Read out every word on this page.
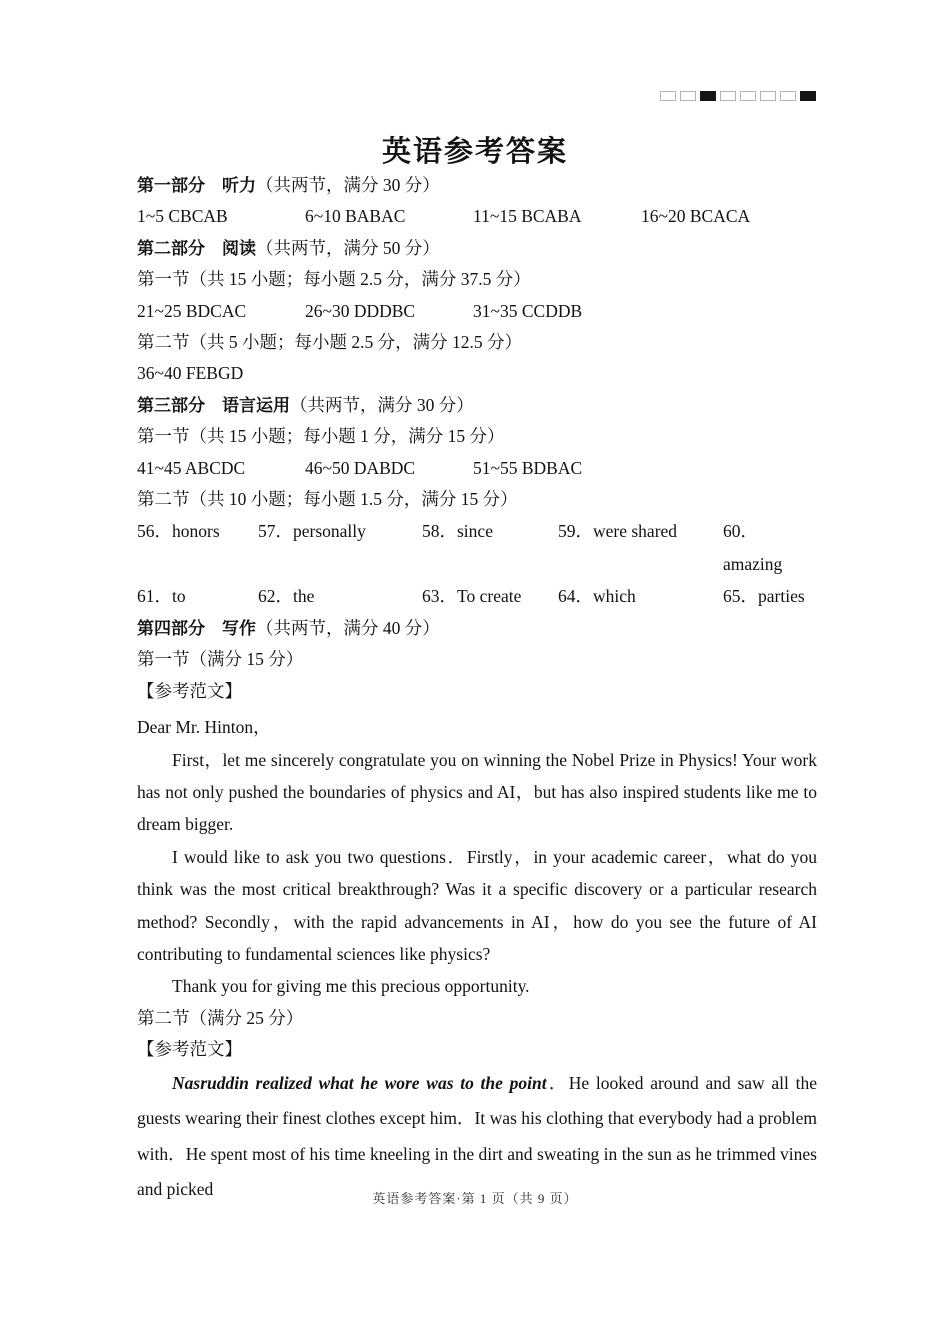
英语参考答案
第一部分　听力（共两节，满分 30 分）
1~5 CBCAB	6~10 BABAC	11~15 BCABA	16~20 BCACA
第二部分　阅读（共两节，满分 50 分）
第一节（共 15 小题；每小题 2.5 分，满分 37.5 分）
21~25 BDCAC	26~30 DDDBC	31~35 CCDDB
第二节（共 5 小题；每小题 2.5 分，满分 12.5 分）
36~40 FEBGD
第三部分　语言运用（共两节，满分 30 分）
第一节（共 15 小题；每小题 1 分，满分 15 分）
41~45 ABCDC	46~50 DABDC	51~55 BDBAC
第二节（共 10 小题；每小题 1.5 分，满分 15 分）
56．honors	57．personally	58．since	59．were shared	60．amazing
61．to	62．the	63．To create	64．which	65．parties
第四部分　写作（共两节，满分 40 分）
第一节（满分 15 分）
【参考范文】

Dear Mr. Hinton，

First，let me sincerely congratulate you on winning the Nobel Prize in Physics! Your work has not only pushed the boundaries of physics and AI，but has also inspired students like me to dream bigger.

I would like to ask you two questions．Firstly，in your academic career，what do you think was the most critical breakthrough? Was it a specific discovery or a particular research method? Secondly，with the rapid advancements in AI，how do you see the future of AI contributing to fundamental sciences like physics?

Thank you for giving me this precious opportunity.

第二节（满分 25 分）
【参考范文】

Nasruddin realized what he wore was to the point．He looked around and saw all the guests wearing their finest clothes except him．It was his clothing that everybody had a problem with．He spent most of his time kneeling in the dirt and sweating in the sun as he trimmed vines and picked	英语参考答案·第 1 页（共 9 页）
